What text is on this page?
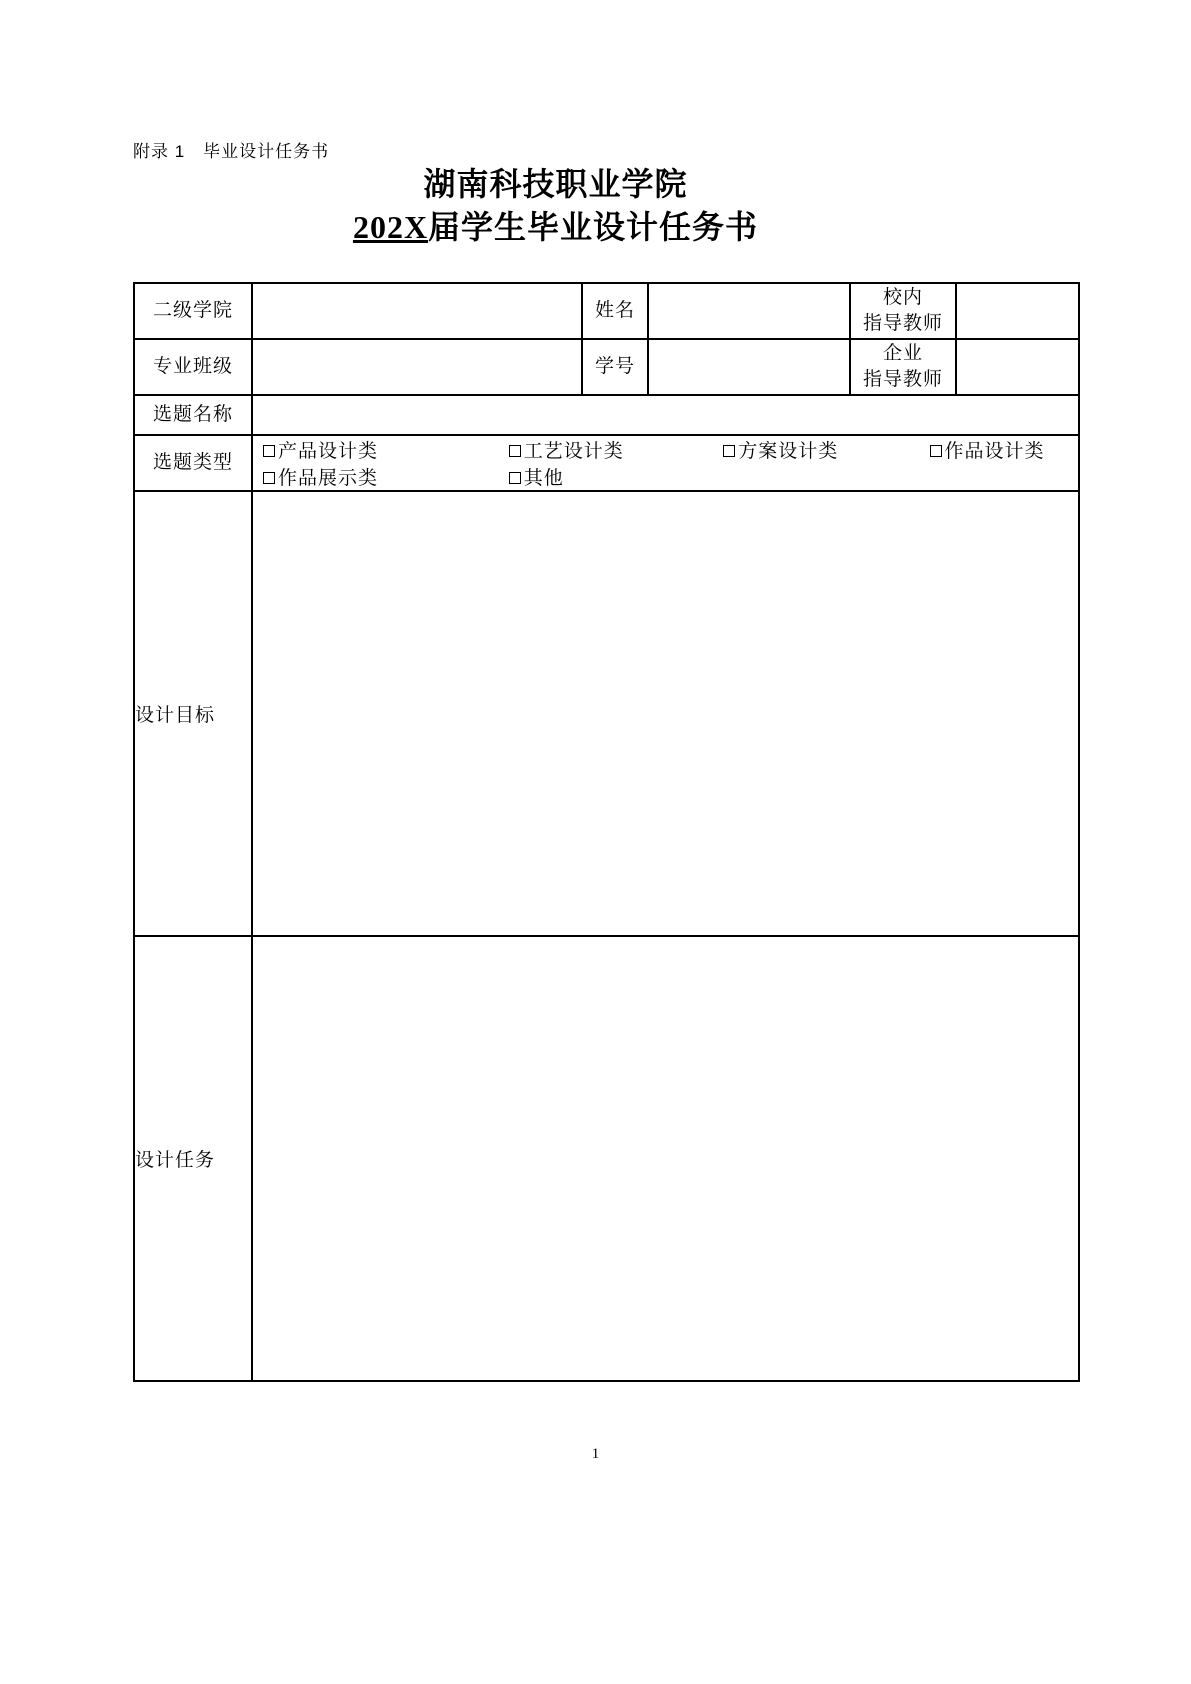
附录 1　毕业设计任务书
湖南科技职业学院
202X届学生毕业设计任务书
二级学院		姓名		校内
指导教师	

专业班级		学号		企业
指导教师	

选题名称					
选题类型	
产品设计类	工艺设计类	方案设计类	作品设计类
作品展示类	其他

设计目标					
设计任务					
1
